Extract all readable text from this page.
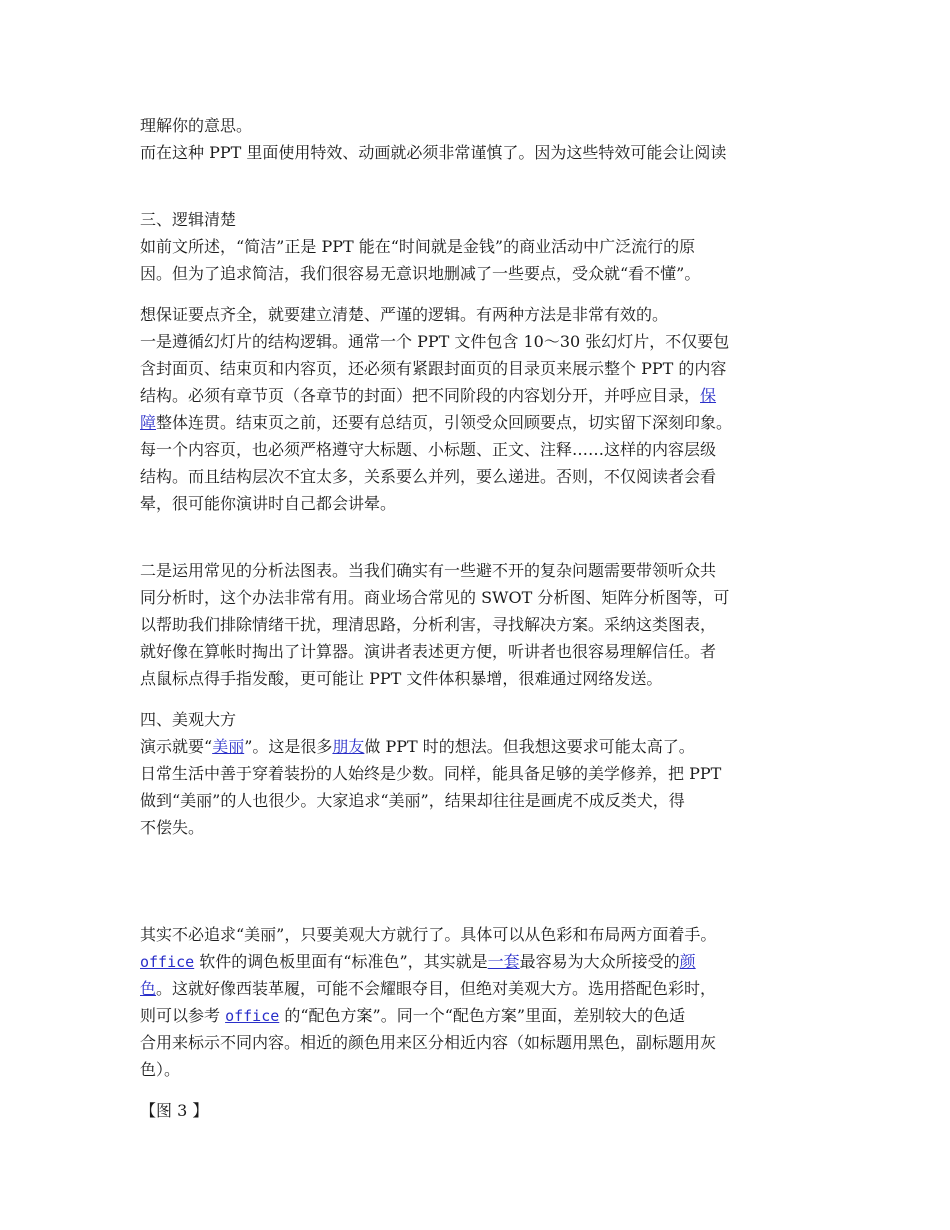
理解你的意思。
而在这种 PPT 里面使用特效、动画就必须非常谨慎了。因为这些特效可能会让阅读
三、逻辑清楚
如前文所述，“简洁”正是 PPT 能在“时间就是金钱”的商业活动中广泛流行的原
因。但为了追求简洁，我们很容易无意识地删减了一些要点，受众就“看不懂”。
想保证要点齐全，就要建立清楚、严谨的逻辑。有两种方法是非常有效的。
一是遵循幻灯片的结构逻辑。通常一个 PPT 文件包含 10～30 张幻灯片，不仅要包
含封面页、结束页和内容页，还必须有紧跟封面页的目录页来展示整个 PPT 的内容
结构。必须有章节页（各章节的封面）把不同阶段的内容划分开，并呼应目录，保
障整体连贯。结束页之前，还要有总结页，引领受众回顾要点，切实留下深刻印象。
每一个内容页，也必须严格遵守大标题、小标题、正文、注释……这样的内容层级
结构。而且结构层次不宜太多，关系要么并列，要么递进。否则，不仅阅读者会看
晕，很可能你演讲时自己都会讲晕。
二是运用常见的分析法图表。当我们确实有一些避不开的复杂问题需要带领听众共
同分析时，这个办法非常有用。商业场合常见的 SWOT 分析图、矩阵分析图等，可
以帮助我们排除情绪干扰，理清思路，分析利害，寻找解决方案。采纳这类图表，
就好像在算帐时掏出了计算器。演讲者表述更方便，听讲者也很容易理解信任。者
点鼠标点得手指发酸，更可能让 PPT 文件体积暴增，很难通过网络发送。
四、美观大方
演示就要“美丽”。这是很多朋友做 PPT 时的想法。但我想这要求可能太高了。
日常生活中善于穿着装扮的人始终是少数。同样，能具备足够的美学修养，把 PPT
做到“美丽”的人也很少。大家追求“美丽”，结果却往往是画虎不成反类犬，得
不偿失。
其实不必追求“美丽”，只要美观大方就行了。具体可以从色彩和布局两方面着手。
office 软件的调色板里面有“标准色”，其实就是一套最容易为大众所接受的颜
色。这就好像西装革履，可能不会耀眼夺目，但绝对美观大方。选用搭配色彩时，
则可以参考 office 的“配色方案”。同一个“配色方案”里面，差别较大的色适
合用来标示不同内容。相近的颜色用来区分相近内容（如标题用黑色，副标题用灰
色）。
【图 3 】
